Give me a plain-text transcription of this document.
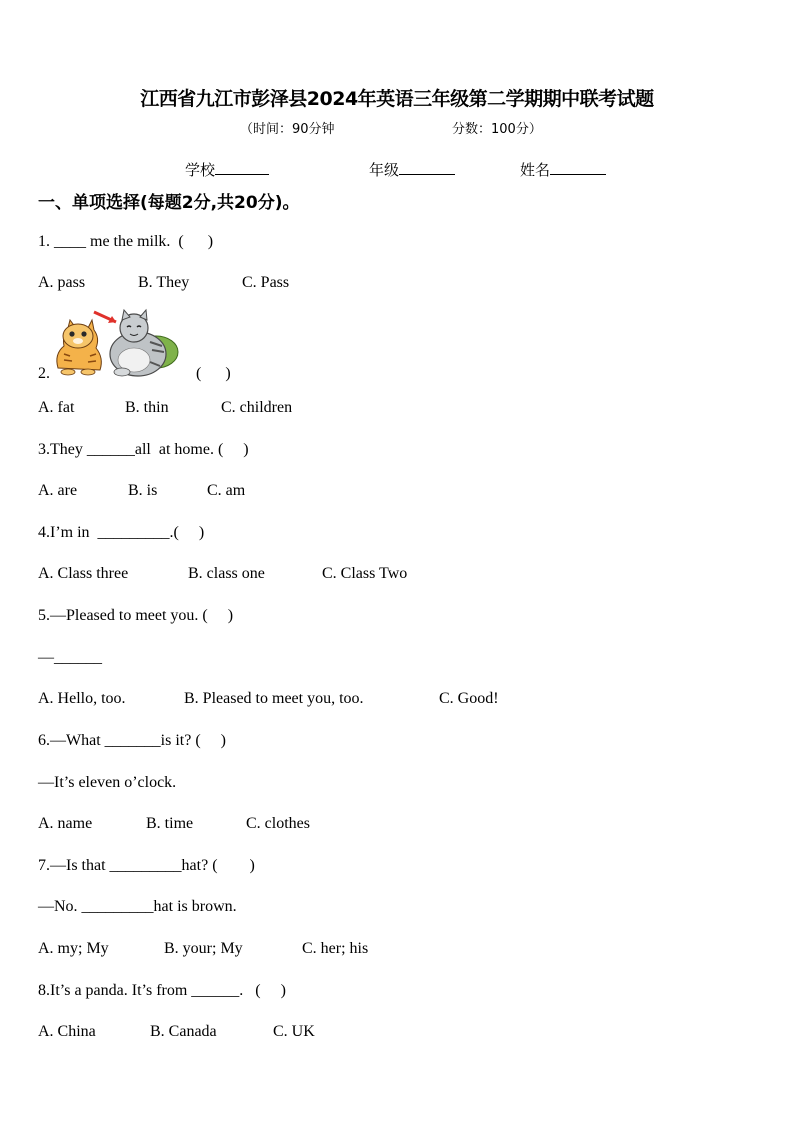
江西省九江市彭泽县2024年英语三年级第二学期期中联考试题
（时间：90分钟	分数：100分）
学校	年级	姓名
一、单项选择(每题2分,共20分)。
1. ____ me the milk.  (      )
A. pass	B. They	C. Pass
2.	(      )
A. fat	B. thin	C. children
3.They ______all  at home. (     )
A. are	B. is	C. am
4.I’m in  _________.(     )
A. Class three	B. class one	C. Class Two
5.—Pleased to meet you. (     )
—______
A. Hello, too.	B. Pleased to meet you, too.	C. Good!
6.—What _______is it? (     )
—It’s eleven o’clock.
A. name	B. time	C. clothes
7.—Is that _________hat? (        )
—No. _________hat is brown.
A. my; My	B. your; My	C. her; his
8.It’s a panda. It’s from ______.   (     )
A. China	B. Canada	C. UK
